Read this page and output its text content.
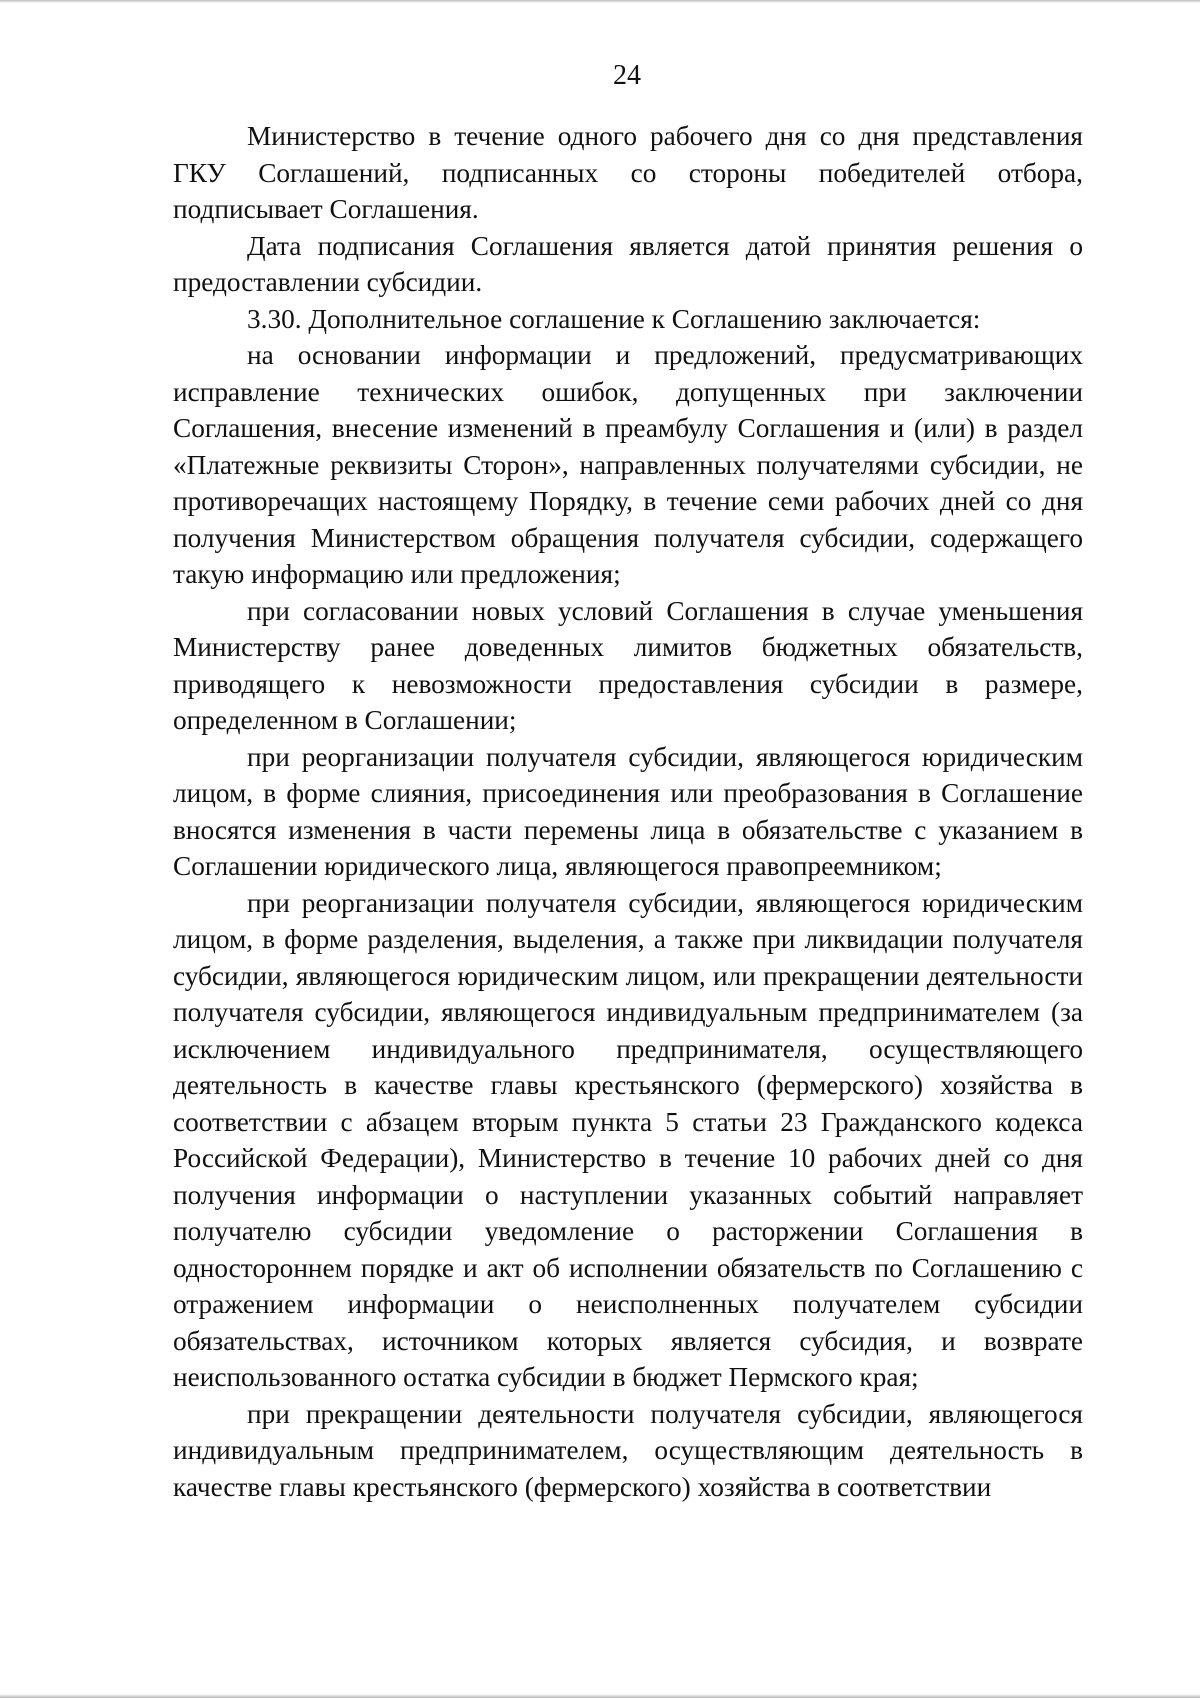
24

Министерство в течение одного рабочего дня со дня представления ГКУ Соглашений, подписанных со стороны победителей отбора, подписывает Соглашения.

Дата подписания Соглашения является датой принятия решения о предоставлении субсидии.

3.30. Дополнительное соглашение к Соглашению заключается:

на основании информации и предложений, предусматривающих исправление технических ошибок, допущенных при заключении Соглашения, внесение изменений в преамбулу Соглашения и (или) в раздел «Платежные реквизиты Сторон», направленных получателями субсидии, не противоречащих настоящему Порядку, в течение семи рабочих дней со дня получения Министерством обращения получателя субсидии, содержащего такую информацию или предложения;

при согласовании новых условий Соглашения в случае уменьшения Министерству ранее доведенных лимитов бюджетных обязательств, приводящего к невозможности предоставления субсидии в размере, определенном в Соглашении;

при реорганизации получателя субсидии, являющегося юридическим лицом, в форме слияния, присоединения или преобразования в Соглашение вносятся изменения в части перемены лица в обязательстве с указанием в Соглашении юридического лица, являющегося правопреемником;

при реорганизации получателя субсидии, являющегося юридическим лицом, в форме разделения, выделения, а также при ликвидации получателя субсидии, являющегося юридическим лицом, или прекращении деятельности получателя субсидии, являющегося индивидуальным предпринимателем (за исключением индивидуального предпринимателя, осуществляющего деятельность в качестве главы крестьянского (фермерского) хозяйства в соответствии с абзацем вторым пункта 5 статьи 23 Гражданского кодекса Российской Федерации), Министерство в течение 10 рабочих дней со дня получения информации о наступлении указанных событий направляет получателю субсидии уведомление о расторжении Соглашения в одностороннем порядке и акт об исполнении обязательств по Соглашению с отражением информации о неисполненных получателем субсидии обязательствах, источником которых является субсидия, и возврате неиспользованного остатка субсидии в бюджет Пермского края;

при прекращении деятельности получателя субсидии, являющегося индивидуальным предпринимателем, осуществляющим деятельность в качестве главы крестьянского (фермерского) хозяйства в соответствии
